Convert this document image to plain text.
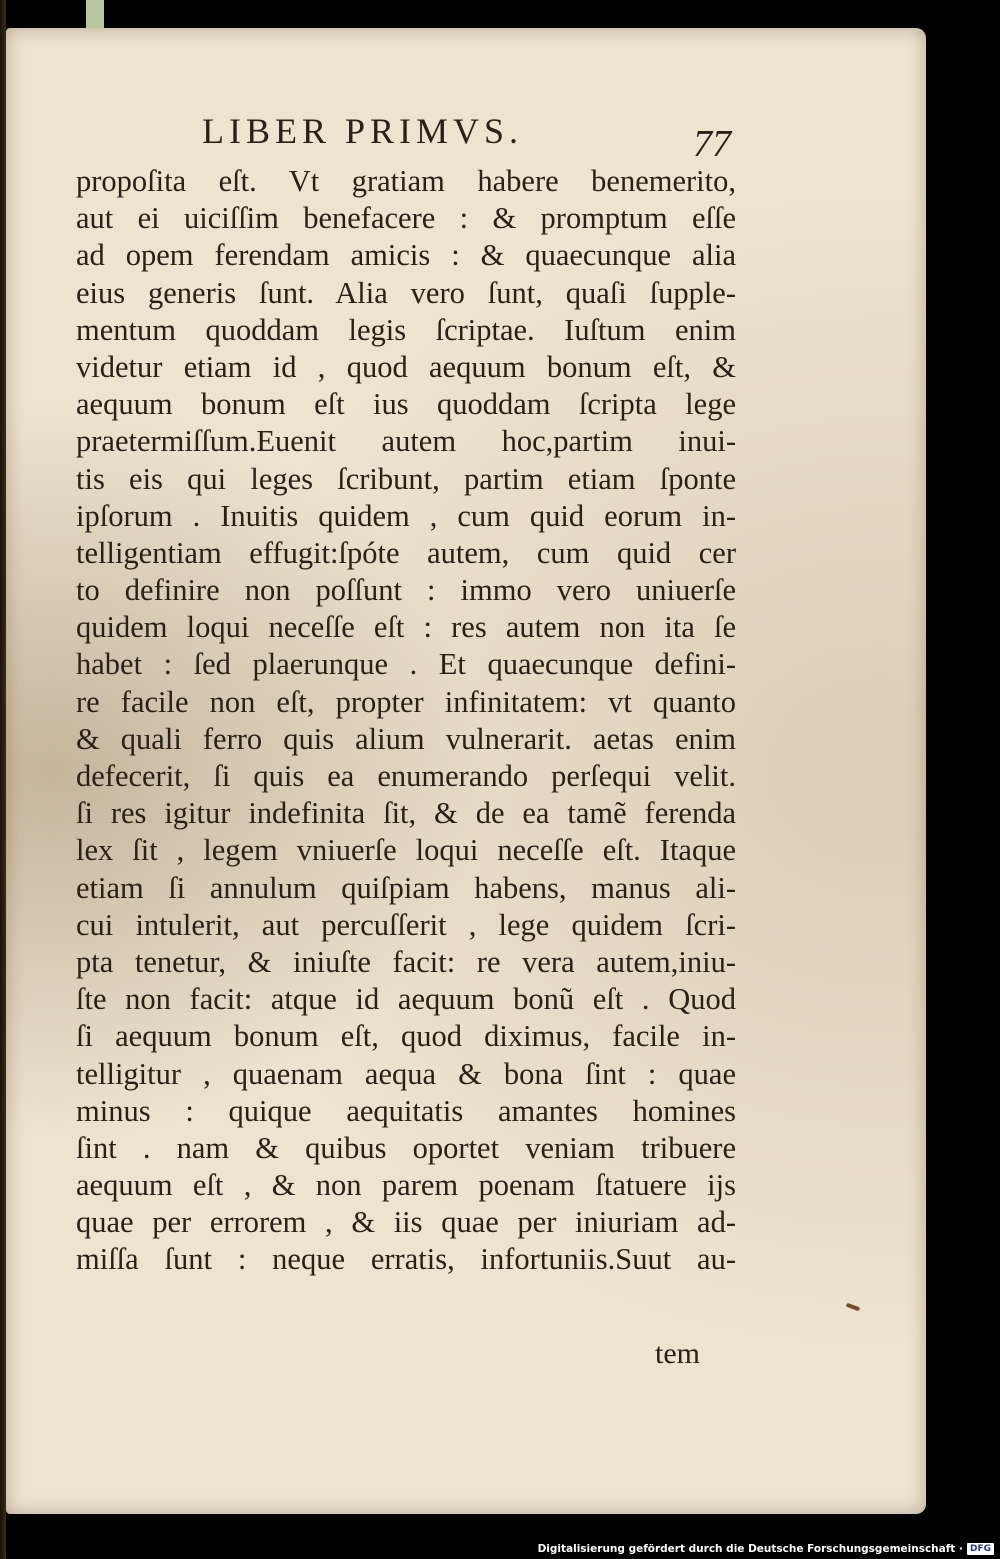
LIBER PRIMVS.	77
propoſita eſt. Vt gratiam habere benemerito,
aut ei uiciſſim benefacere : & promptum eſſe
ad opem ferendam amicis : & quaecunque alia
eius generis ſunt. Alia vero ſunt, quaſi ſupple-
mentum quoddam legis ſcriptae. Iuſtum enim
videtur etiam id , quod aequum bonum eſt, &
aequum bonum eſt ius quoddam ſcripta lege
praetermiſſum.Euenit autem hoc,partim inui-
tis eis qui leges ſcribunt, partim etiam ſponte
ipſorum . Inuitis quidem , cum quid eorum in-
telligentiam effugit:ſpóte autem, cum quid cer
to definire non poſſunt : immo vero uniuerſe
quidem loqui neceſſe eſt : res autem non ita ſe
habet : ſed plaerunque . Et quaecunque defini-
re facile non eſt, propter infinitatem: vt quanto
& quali ferro quis alium vulnerarit. aetas enim
defecerit, ſi quis ea enumerando perſequi velit.
ſi res igitur indefinita ſit, & de ea tamẽ ferenda
lex ſit , legem vniuerſe loqui neceſſe eſt. Itaque
etiam ſi annulum quiſpiam habens, manus ali-
cui intulerit, aut percuſſerit , lege quidem ſcri-
pta tenetur, & iniuſte facit: re vera autem,iniu-
ſte non facit: atque id aequum bonũ eſt . Quod
ſi aequum bonum eſt, quod diximus, facile in-
telligitur , quaenam aequa & bona ſint : quae
minus : quique aequitatis amantes homines
ſint . nam & quibus oportet veniam tribuere
aequum eſt , & non parem poenam ſtatuere ijs
quae per errorem , & iis quae per iniuriam ad-
miſſa ſunt : neque erratis, infortuniis.Suut au-
tem
Digitalisierung gefördert durch die Deutsche Forschungsgemeinschaft · DFG
